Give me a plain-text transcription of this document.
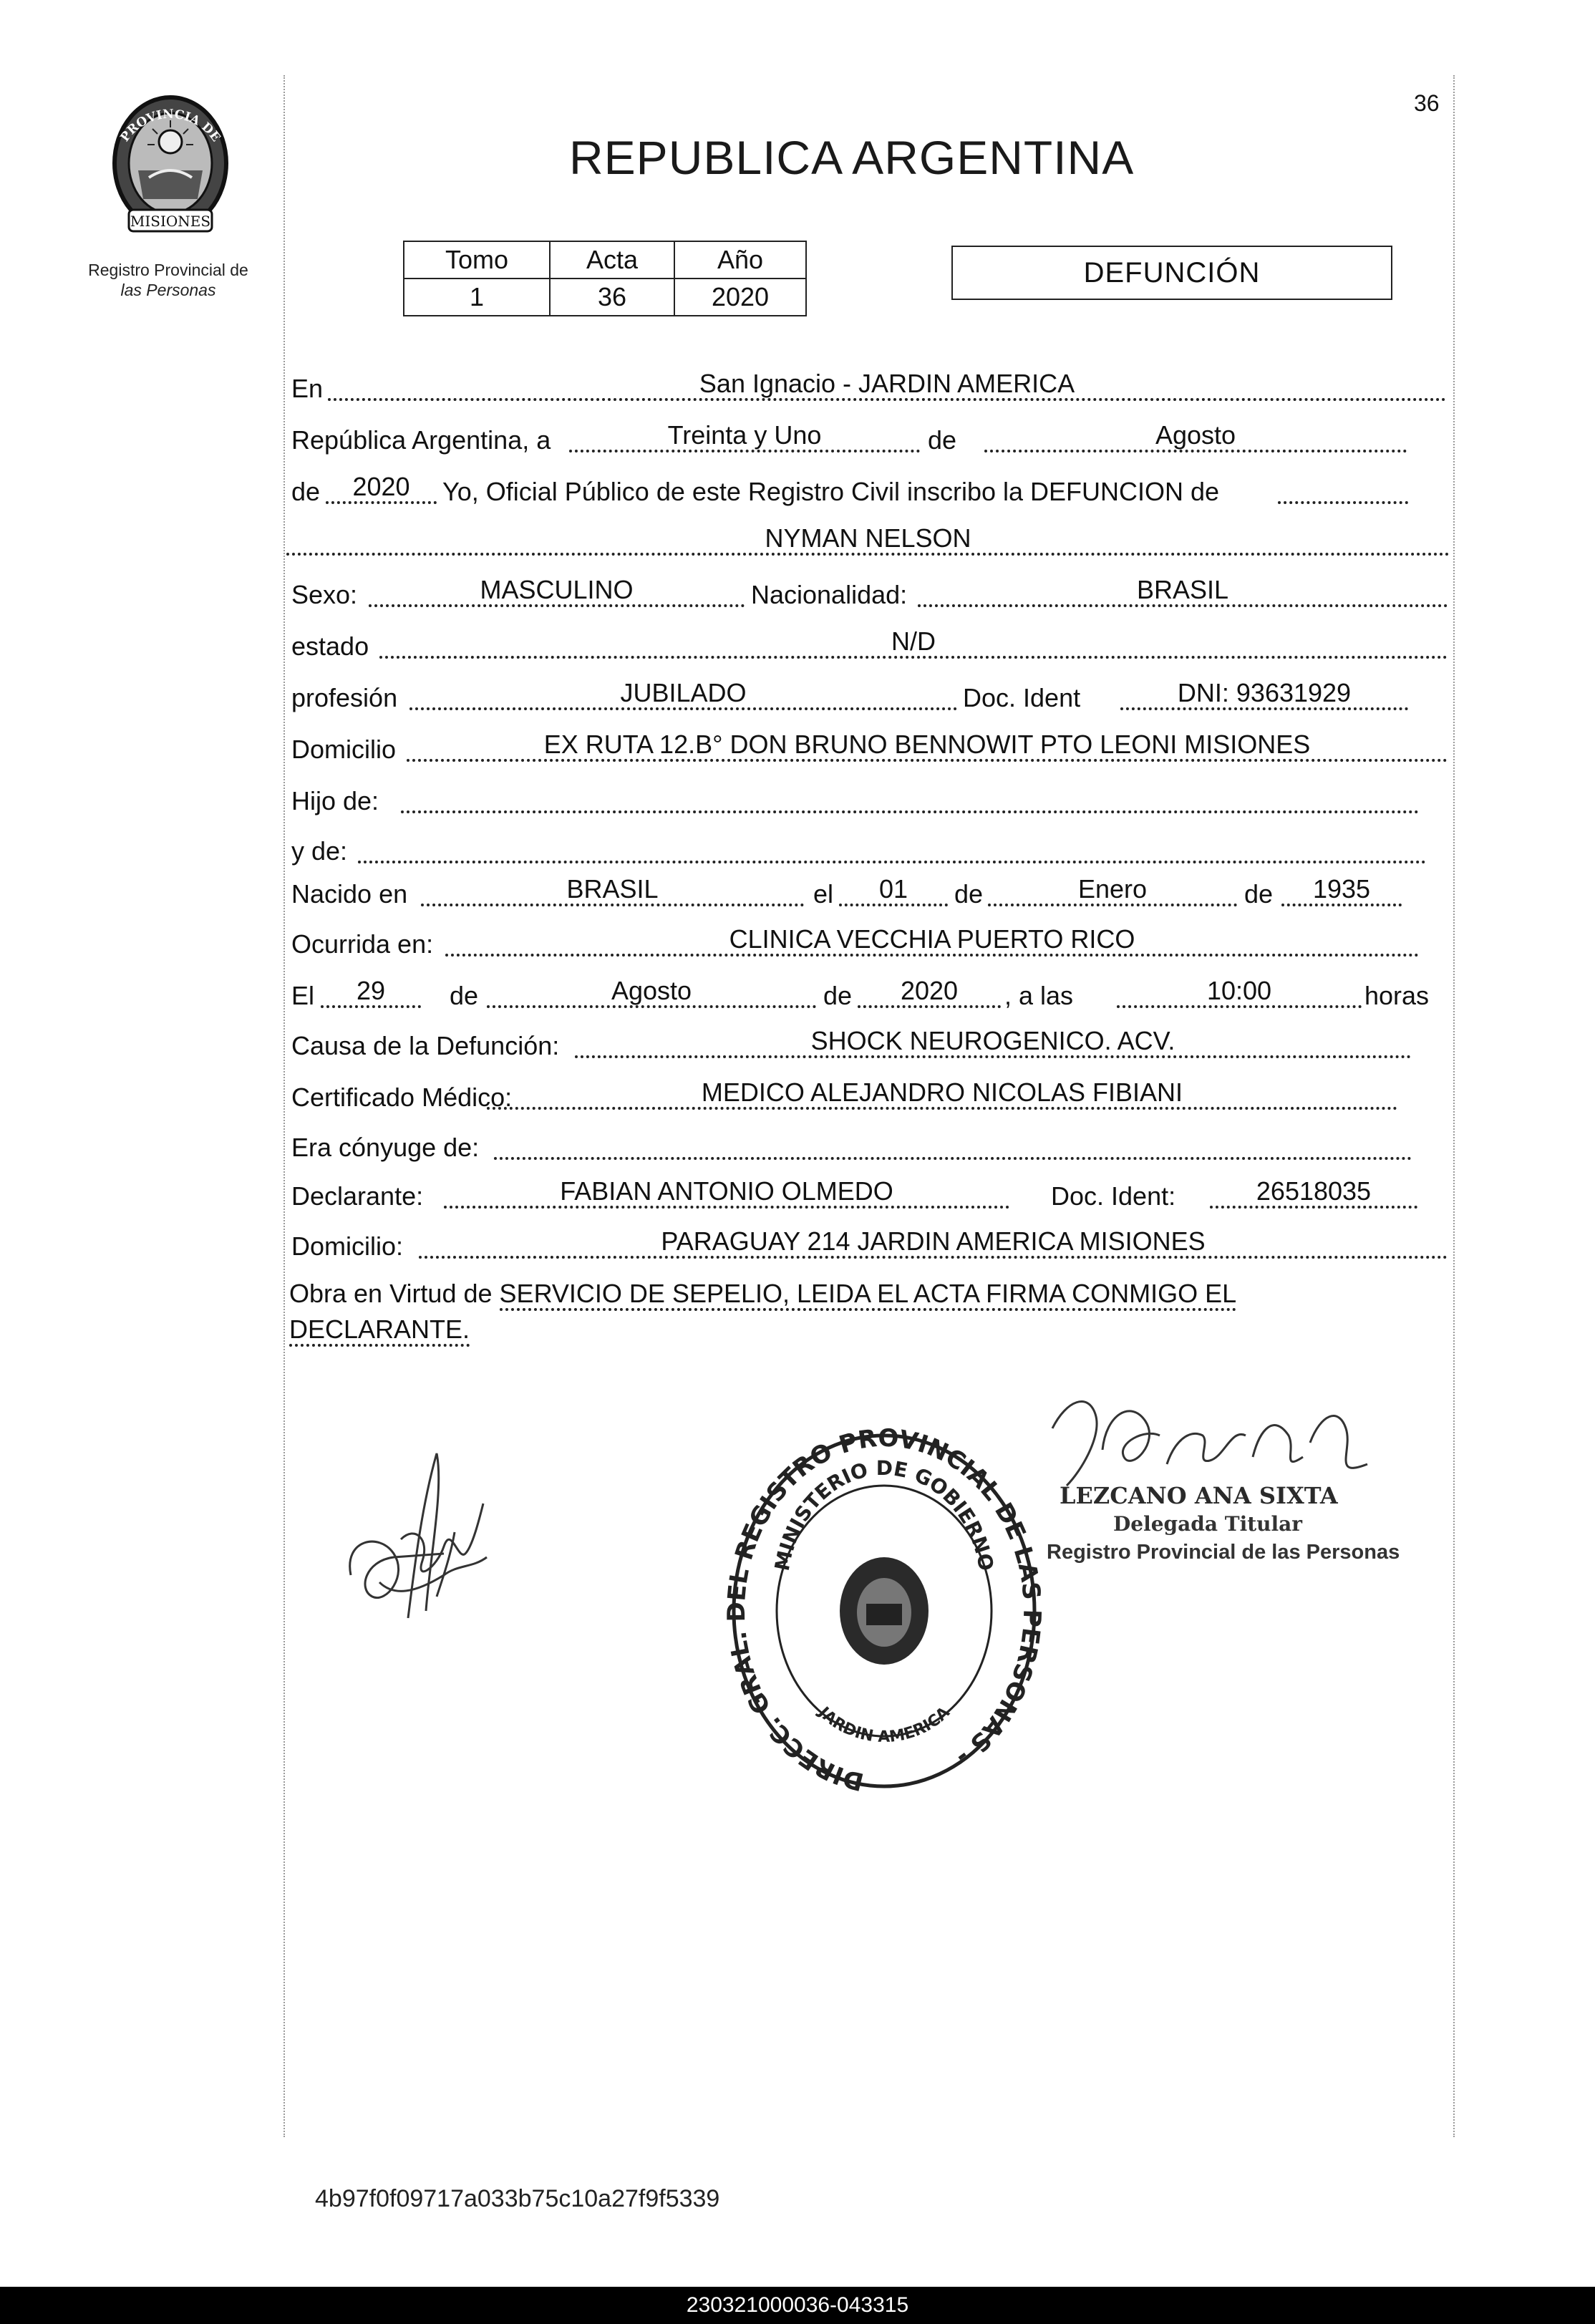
PROVINCIA DE
MISIONES
Registro Provincial de
las Personas
36
REPUBLICA ARGENTINA
Tomo	Acta	Año
1	36	2020
DEFUNCIÓN
En	San Ignacio - JARDIN AMERICA
República Argentina, a	Treinta y Uno	de	Agosto
de	2020	Yo, Oficial Público de este Registro Civil inscribo la DEFUNCION de
NYMAN NELSON
Sexo:	MASCULINO	Nacionalidad:	BRASIL
estado	N/D
profesión	JUBILADO	Doc. Ident	DNI: 93631929
Domicilio	EX RUTA 12.B° DON BRUNO BENNOWIT PTO LEONI MISIONES
Hijo de:
y de:
Nacido en	BRASIL	el	01	de	Enero	de	1935
Ocurrida en:	CLINICA VECCHIA PUERTO RICO
El	29	de	Agosto	de	2020	, a las	10:00	horas
Causa de la Defunción:	SHOCK NEUROGENICO. ACV.
Certificado Médico:	MEDICO ALEJANDRO NICOLAS FIBIANI
Era cónyuge de:
Declarante:	FABIAN ANTONIO OLMEDO	Doc. Ident:	26518035
Domicilio:	PARAGUAY 214 JARDIN AMERICA MISIONES
Obra en Virtud de SERVICIO DE SEPELIO, LEIDA EL ACTA FIRMA CONMIGO EL
DECLARANTE.
DIRECC. GRAL. DEL REGISTRO PROVINCIAL DE LAS PERSONAS -
MINISTERIO DE GOBIERNO
JARDIN AMERICA
LEZCANO ANA SIXTA
Delegada Titular
Registro Provincial de las Personas
4b97f0f09717a033b75c10a27f9f5339
230321000036-043315
